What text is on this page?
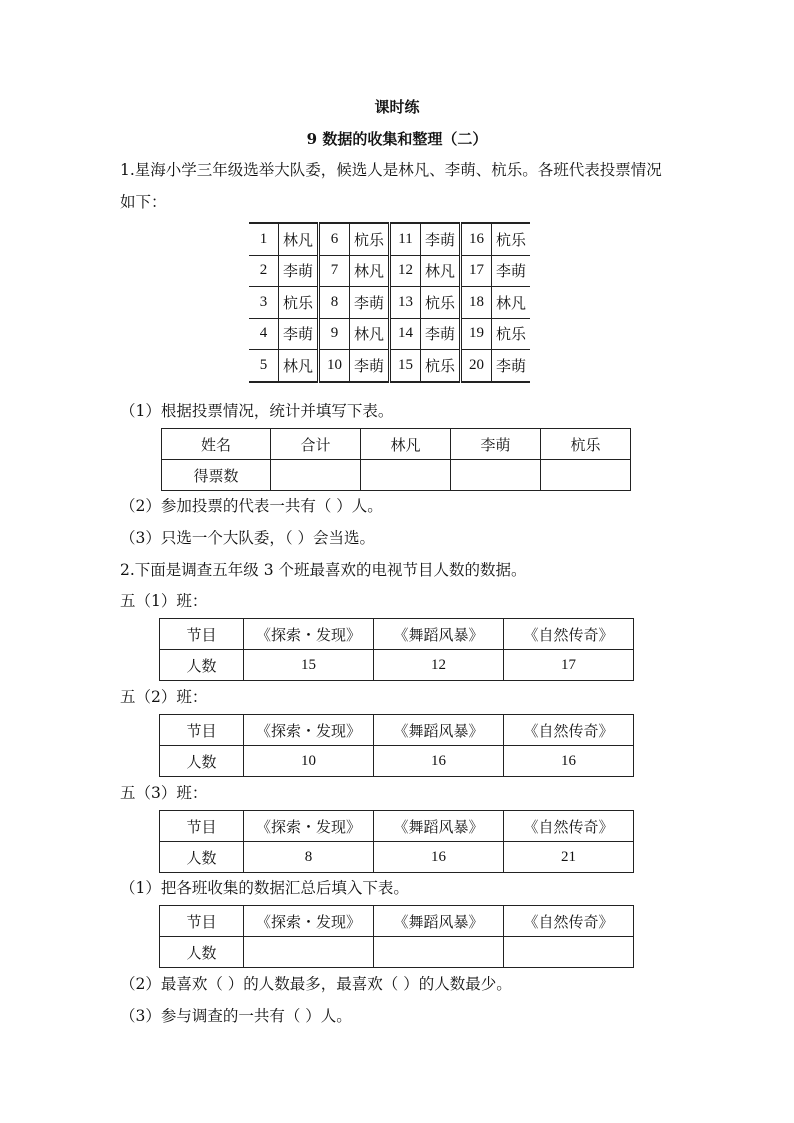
课时练
9 数据的收集和整理（二）
1.星海小学三年级选举大队委，候选人是林凡、李萌、杭乐。各班代表投票情况
如下：
1	林凡	6	杭乐	11	李萌	16	杭乐
2	李萌	7	林凡	12	林凡	17	李萌
3	杭乐	8	李萌	13	杭乐	18	林凡
4	李萌	9	林凡	14	李萌	19	杭乐
5	林凡	10	李萌	15	杭乐	20	李萌
（1）根据投票情况，统计并填写下表。
姓名	合计	林凡	李萌	杭乐
得票数				
（2）参加投票的代表一共有（ ）人。
（3）只选一个大队委，（ ）会当选。
2.下面是调查五年级 3 个班最喜欢的电视节目人数的数据。
五（1）班：
节目	《探索・发现》	《舞蹈风暴》	《自然传奇》
人数	15	12	17
五（2）班：
节目	《探索・发现》	《舞蹈风暴》	《自然传奇》
人数	10	16	16
五（3）班：
节目	《探索・发现》	《舞蹈风暴》	《自然传奇》
人数	8	16	21
（1）把各班收集的数据汇总后填入下表。
节目	《探索・发现》	《舞蹈风暴》	《自然传奇》
人数			
（2）最喜欢（ ）的人数最多，最喜欢（ ）的人数最少。
（3）参与调查的一共有（ ）人。
